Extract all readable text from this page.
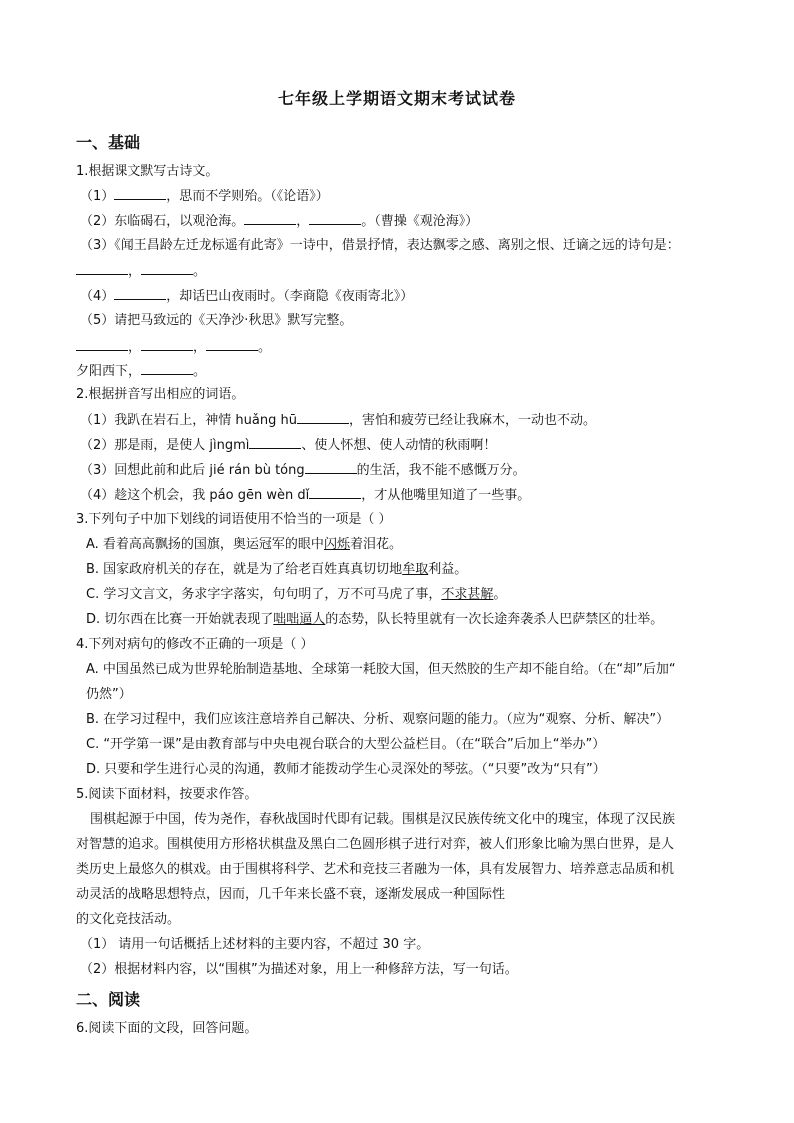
七年级上学期语文期末考试试卷
一、基础
1.根据课文默写古诗文。
（1）	，思而不学则殆。（《论语》）
（2）东临碣石，以观沧海。	，	。（曹操《观沧海》）
（3）《闻王昌龄左迁龙标遥有此寄》一诗中，借景抒情，表达飘零之感、离别之恨、迁谪之远的诗句是：
，	。
（4）	，却话巴山夜雨时。（李商隐《夜雨寄北》）
（5）请把马致远的《天净沙·秋思》默写完整。
，	，	。
夕阳西下，	。
2.根据拼音写出相应的词语。
（1）我趴在岩石上，神情 huǎng hū	，害怕和疲劳已经让我麻木，一动也不动。
（2）那是雨，是使人 jìngmì	、使人怀想、使人动情的秋雨啊！
（3）回想此前和此后 jié rán bù tóng	的生活，我不能不感慨万分。
（4）趁这个机会，我 páo gēn wèn dǐ	，才从他嘴里知道了一些事。
3.下列句子中加下划线的词语使用不恰当的一项是（ ）
A. 看着高高飘扬的国旗，奥运冠军的眼中闪烁着泪花。
B. 国家政府机关的存在，就是为了给老百姓真真切切地牟取利益。
C. 学习文言文，务求字字落实，句句明了，万不可马虎了事，不求甚解。
D. 切尔西在比赛一开始就表现了咄咄逼人的态势，队长特里就有一次长途奔袭杀人巴萨禁区的壮举。
4.下列对病句的修改不正确的一项是（ ）
A. 中国虽然已成为世界轮胎制造基地、全球第一耗胶大国，但天然胶的生产却不能自给。（在“却”后加“
仍然”）
B. 在学习过程中，我们应该注意培养自己解决、分析、观察问题的能力。（应为“观察、分析、解决”）
C. “开学第一课”是由教育部与中央电视台联合的大型公益栏目。（在“联合”后加上“举办”）
D. 只要和学生进行心灵的沟通，教师才能拨动学生心灵深处的琴弦。（“只要”改为“只有”）
5.阅读下面材料，按要求作答。
围棋起源于中国，传为尧作，春秋战国时代即有记载。围棋是汉民族传统文化中的瑰宝，体现了汉民族
对智慧的追求。围棋使用方形格状棋盘及黑白二色圆形棋子进行对弈，被人们形象比喻为黑白世界，是人
类历史上最悠久的棋戏。由于围棋将科学、艺术和竞技三者融为一体，具有发展智力、培养意志品质和机
动灵活的战略思想特点，因而，几千年来长盛不衰，逐渐发展成一种国际性
的文化竞技活动。
（1） 请用一句话概括上述材料的主要内容，不超过 30 字。
（2）根据材料内容，以“围棋”为描述对象，用上一种修辞方法，写一句话。
二、阅读
6.阅读下面的文段，回答问题。
